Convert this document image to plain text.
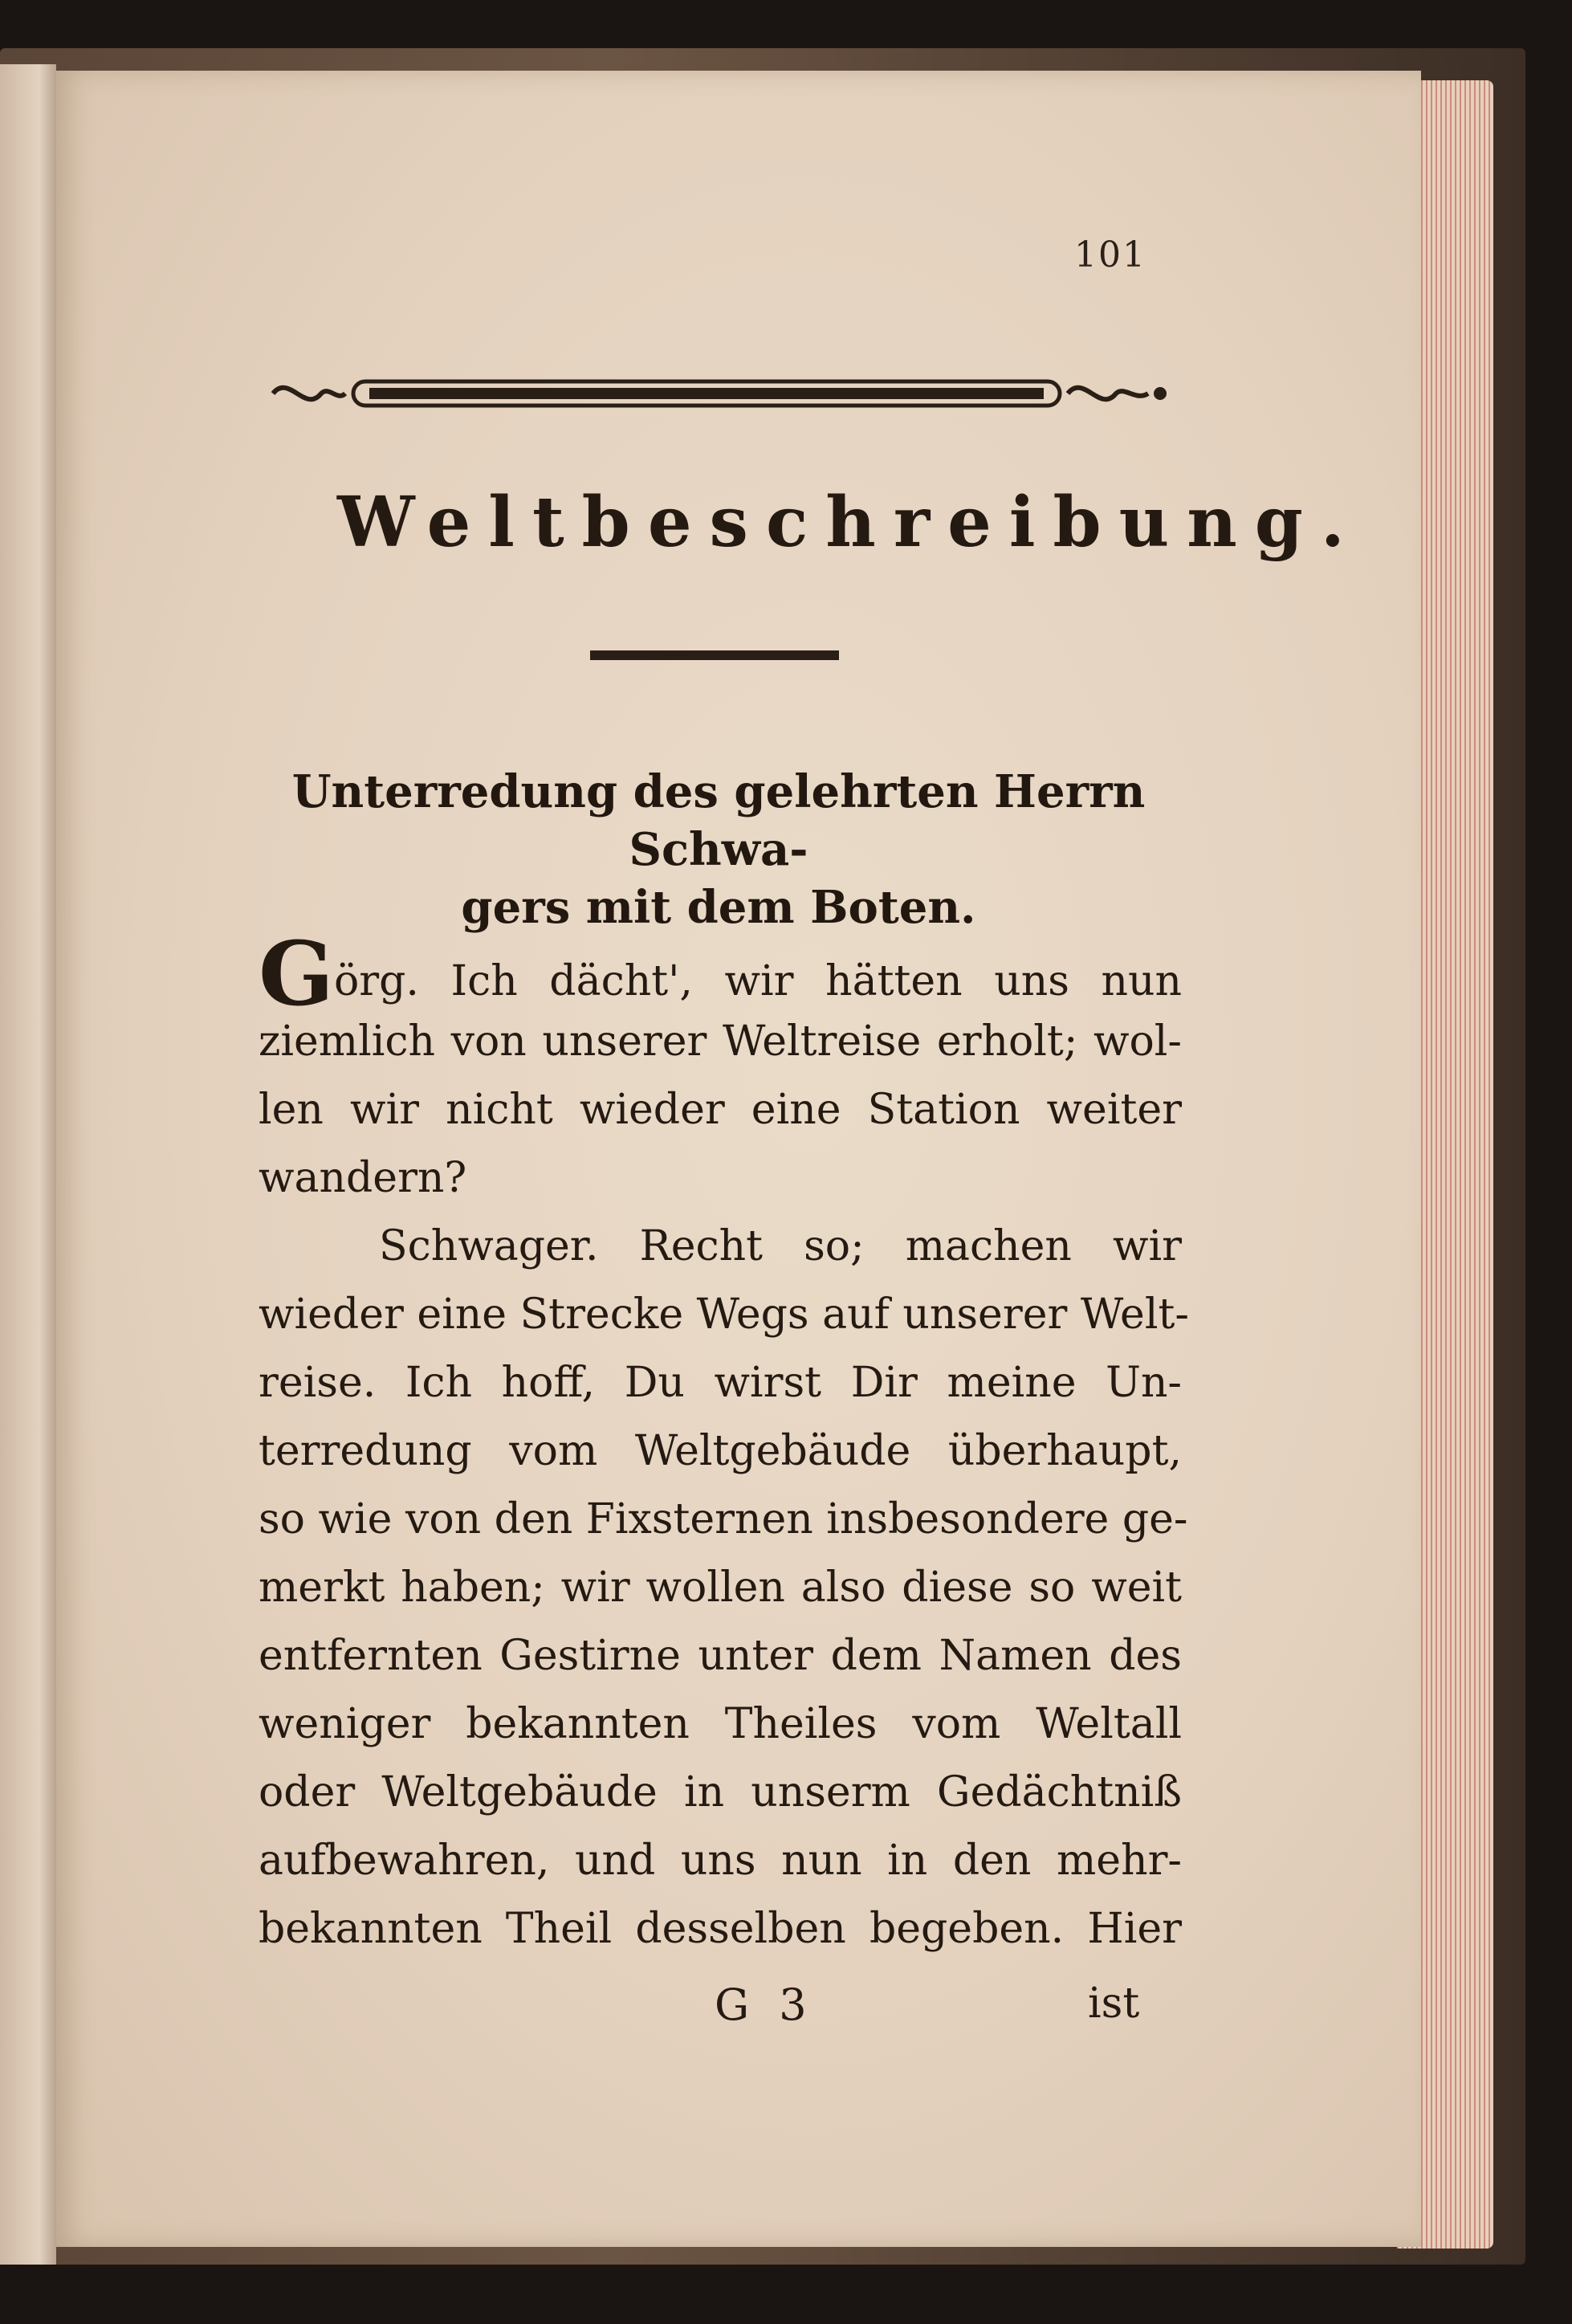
101
Weltbeschreibung.
Unterredung des gelehrten Herrn Schwa-
gers mit dem Boten.
Görg. Ich dächt', wir hätten uns nun
ziemlich von unserer Weltreise erholt; wol-
len wir nicht wieder eine Station weiter
wandern?
Schwager. Recht so; machen wir
wieder eine Strecke Wegs auf unserer Welt-
reise. Ich hoff, Du wirst Dir meine Un-
terredung vom Weltgebäude überhaupt,
so wie von den Fixsternen insbesondere ge-
merkt haben; wir wollen also diese so weit
entfernten Gestirne unter dem Namen des
weniger bekannten Theiles vom Weltall
oder Weltgebäude in unserm Gedächtniß
aufbewahren, und uns nun in den mehr-
bekannten Theil desselben begeben. Hier
G 3	ist
